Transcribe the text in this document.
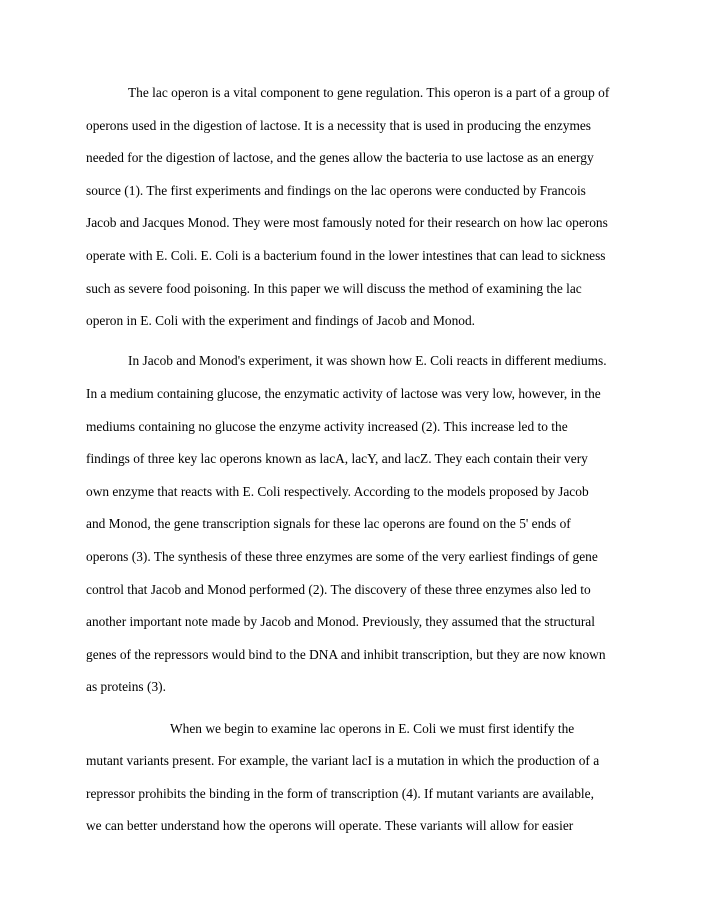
The lac operon is a vital component to gene regulation. This operon is a part of a group of
operons used in the digestion of lactose. It is a necessity that is used in producing the enzymes
needed for the digestion of lactose, and the genes allow the bacteria to use lactose as an energy
source (1). The first experiments and findings on the lac operons were conducted by Francois
Jacob and Jacques Monod. They were most famously noted for their research on how lac operons
operate with E. Coli. E. Coli is a bacterium found in the lower intestines that can lead to sickness
such as severe food poisoning. In this paper we will discuss the method of examining the lac
operon in E. Coli with the experiment and findings of Jacob and Monod.
In Jacob and Monod's experiment, it was shown how E. Coli reacts in different mediums.
In a medium containing glucose, the enzymatic activity of lactose was very low, however, in the
mediums containing no glucose the enzyme activity increased (2). This increase led to the
findings of three key lac operons known as lacA, lacY, and lacZ. They each contain their very
own enzyme that reacts with E. Coli respectively. According to the models proposed by Jacob
and Monod, the gene transcription signals for these lac operons are found on the 5' ends of
operons (3). The synthesis of these three enzymes are some of the very earliest findings of gene
control that Jacob and Monod performed (2). The discovery of these three enzymes also led to
another important note made by Jacob and Monod. Previously, they assumed that the structural
genes of the repressors would bind to the DNA and inhibit transcription, but they are now known
as proteins (3).
When we begin to examine lac operons in E. Coli we must first identify the
mutant variants present. For example, the variant lacI is a mutation in which the production of a
repressor prohibits the binding in the form of transcription (4). If mutant variants are available,
we can better understand how the operons will operate. These variants will allow for easier
